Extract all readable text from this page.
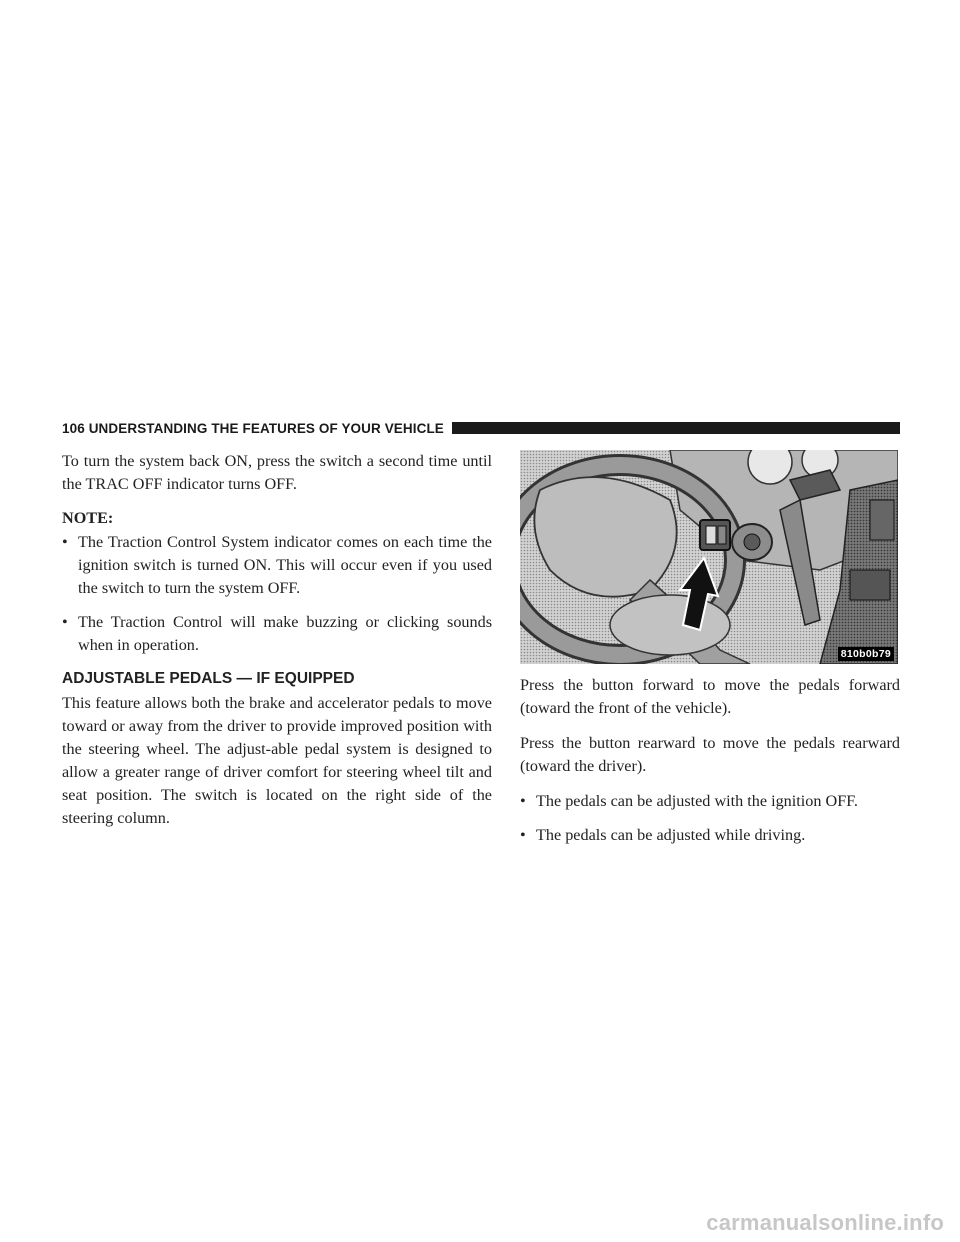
106 UNDERSTANDING THE FEATURES OF YOUR VEHICLE

To turn the system back ON, press the switch a second time until the TRAC OFF indicator turns OFF.

NOTE:
• The Traction Control System indicator comes on each time the ignition switch is turned ON. This will occur even if you used the switch to turn the system OFF.
• The Traction Control will make buzzing or clicking sounds when in operation.
ADJUSTABLE PEDALS — IF EQUIPPED

This feature allows both the brake and accelerator pedals to move toward or away from the driver to provide improved position with the steering wheel. The adjust-able pedal system is designed to allow a greater range of driver comfort for steering wheel tilt and seat position. The switch is located on the right side of the steering column.

810b0b79

Press the button forward to move the pedals forward (toward the front of the vehicle).

Press the button rearward to move the pedals rearward (toward the driver).

• The pedals can be adjusted with the ignition OFF.
• The pedals can be adjusted while driving.
carmanualsonline.info
